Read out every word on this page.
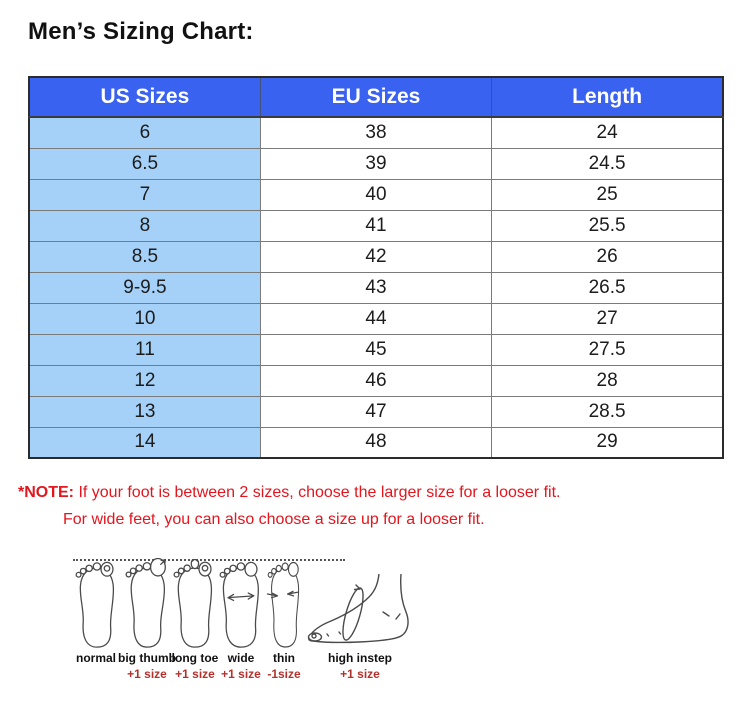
Men’s Sizing Chart:
US Sizes	EU Sizes	Length
6	38	24
6.5	39	24.5
7	40	25
8	41	25.5
8.5	42	26
9-9.5	43	26.5
10	44	27
11	45	27.5
12	46	28
13	47	28.5
14	48	29

*NOTE: If your foot is between 2 sizes, choose the larger size for a looser fit.

For wide feet, you can also choose a size up for a looser fit.

normal big thumb
long toe wide thin	high instep
+1 size +1 size +1 size -1size	+1 size
